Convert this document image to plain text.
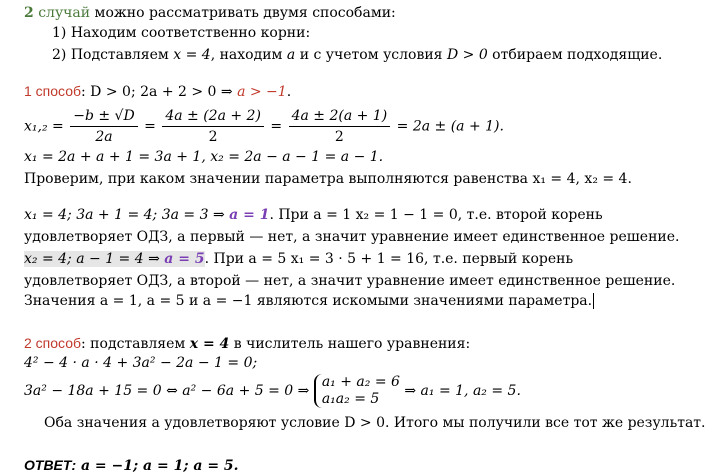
2 случай можно рассматривать двумя способами:
1) Находим соответственно корни:
2) Подставляем x = 4, находим a и с учетом условия D > 0 отбираем подходящие.
1 способ: D > 0; 2a + 2 > 0 ⇒ a > −1.
$x_1,_2 = \frac{-b \pm √D}{2a} = \frac{4a \pm (2a + 2)}{2} = \frac{4a \pm 2(a + 1)}{2} = 2a \pm (a + 1)$.
x₁ = 2a + a + 1 = 3a + 1, x₂ = 2a − a − 1 = a − 1.
Проверим, при каком значении параметра выполняются равенства x₁ = 4, x₂ = 4.
x₁ = 4; 3a + 1 = 4; 3a = 3 ⇒ a = 1. При a = 1 x₂ = 1 − 1 = 0, т.е. второй корень
удовлетворяет ОДЗ, а первый — нет, а значит уравнение имеет единственное решение.
x₂ = 4; a − 1 = 4 ⇒ a = 5. При a = 5 x₁ = 3 · 5 + 1 = 16, т.е. первый корень
удовлетворяет ОДЗ, а второй — нет, а значит уравнение имеет единственное решение.
Значения a = 1, a = 5 и a = −1 являются искомыми значениями параметра.
2 способ: подставляем x = 4 в числитель нашего уравнения:
4² − 4 · a · 4 + 3a² − 2a − 1 = 0;
3a² − 18a + 15 = 0 ⇔ a² − 6a + 5 = 0 ⇒
a₁ + a₂ = 6
a₁a₂ = 5	⇒ a₁ = 1, a₂ = 5.
Оба значения a удовлетворяют условие D > 0. Итого мы получили все тот же результат.
ОТВЕТ: a = −1; a = 1; a = 5.
